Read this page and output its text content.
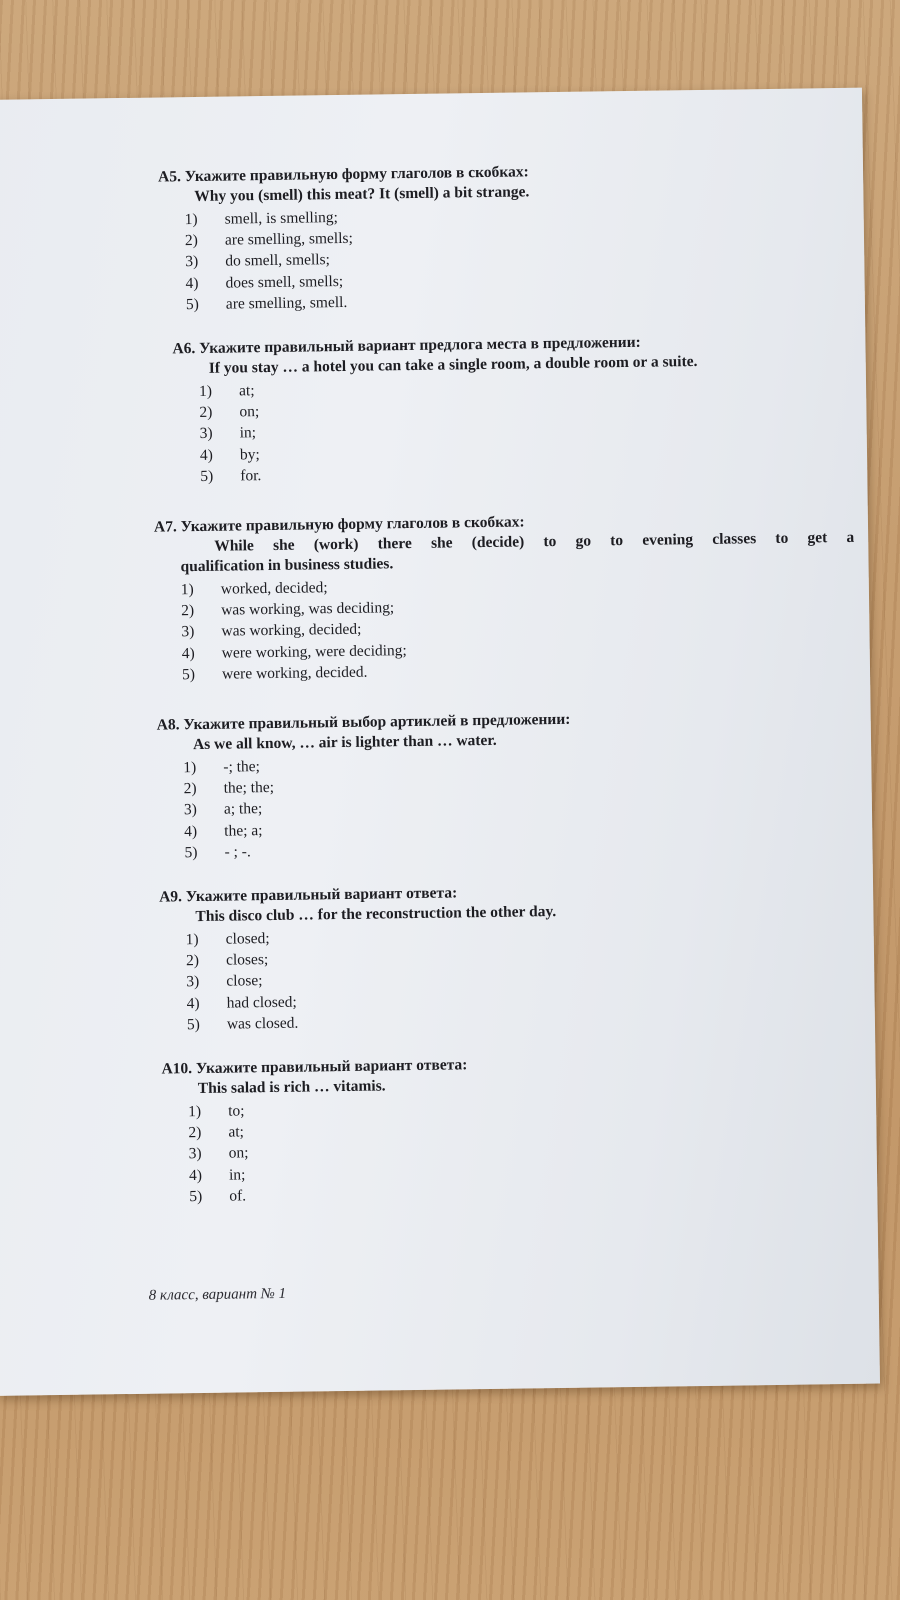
A5. Укажите правильную форму глаголов в скобках:
Why you (smell) this meat? It (smell) a bit strange.
1) smell, is smelling;
2) are smelling, smells;
3) do smell, smells;
4) does smell, smells;
5) are smelling, smell.
A6. Укажите правильный вариант предлога места в предложении:
If you stay … a hotel you can take a single room, a double room or a suite.
1) at;
2) on;
3) in;
4) by;
5) for.
A7. Укажите правильную форму глаголов в скобках:
While she (work) there she (decide) to go to evening classes to get a
qualification in business studies.
1) worked, decided;
2) was working, was deciding;
3) was working, decided;
4) were working, were deciding;
5) were working, decided.
A8. Укажите правильный выбор артиклей в предложении:
As we all know, … air is lighter than … water.
1) -; the;
2) the; the;
3) a; the;
4) the; a;
5) - ; -.
A9. Укажите правильный вариант ответа:
This disco club … for the reconstruction the other day.
1) closed;
2) closes;
3) close;
4) had closed;
5) was closed.
A10. Укажите правильный вариант ответа:
This salad is rich … vitamis.
1) to;
2) at;
3) on;
4) in;
5) of.
8 класс, вариант № 1
